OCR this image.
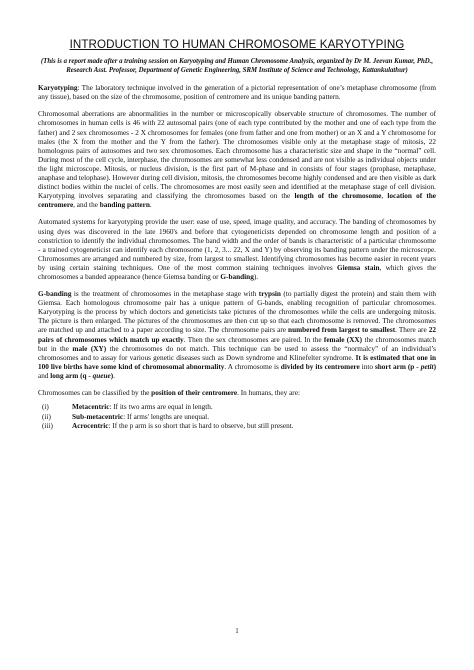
INTRODUCTION TO HUMAN CHROMOSOME KARYOTYPING
(This is a report made after a training session on Karyotyping and Human Chromosome Analysis, organized by Dr M. Jeevan Kumar, PhD., Research Asst. Professor, Department of Genetic Engineering, SRM Institute of Science and Technology, Kattankulathur)

Karyotyping: The laboratory technique involved in the generation of a pictorial representation of one’s metaphase chromosome (from any tissue), based on the size of the chromosome, position of centromere and its unique banding pattern.

Chromosomal aberrations are abnormalities in the number or microscopically observable structure of chromosomes. The number of chromosomes in human cells is 46 with 22 autosomal pairs (one of each type contributed by the mother and one of each type from the father) and 2 sex chromosomes - 2 X chromosomes for females (one from father and one from mother) or an X and a Y chromosome for males (the X from the mother and the Y from the father). The chromosomes visible only at the metaphase stage of mitosis, 22 homologous pairs of autosomes and two sex chromosomes. Each chromosome has a characteristic size and shape in the “normal” cell. During most of the cell cycle, interphase, the chromosomes are somewhat less condensed and are not visible as individual objects under the light microscope. Mitosis, or nucleus division, is the first part of M-phase and in consists of four stages (prophase, metaphase, anaphase and telophase). However during cell division, mitosis, the chromosomes become highly condensed and are then visible as dark distinct bodies within the nuclei of cells. The chromosomes are most easily seen and identified at the metaphase stage of cell division. Karyotyping involves separating and classifying the chromosomes based on the length of the chromosome, location of the centromere, and the banding pattern.

Automated systems for karyotyping provide the user: ease of use, speed, image quality, and accuracy. The banding of chromosomes by using dyes was discovered in the late 1960's and before that cytogeneticists depended on chromosome length and position of a constriction to identify the individual chromosomes. The band width and the order of bands is characteristic of a particular chromosome - a trained cytogeneticist can identify each chromosome (1, 2, 3... 22, X and Y) by observing its banding pattern under the microscope. Chromosomes are arranged and numbered by size, from largest to smallest. Identifying chromosomes has become easier in recent years by using certain staining techniques. One of the most common staining techniques involves Giemsa stain, which gives the chromosomes a banded appearance (hence Giemsa banding or G-banding).

G-banding is the treatment of chromosomes in the metaphase stage with trypsin (to partially digest the protein) and stain them with Giemsa. Each homologous chromosome pair has a unique pattern of G-bands, enabling recognition of particular chromosomes. Karyotyping is the process by which doctors and geneticists take pictures of the chromosomes while the cells are undergoing mitosis. The picture is then enlarged. The pictures of the chromosomes are then cut up so that each chromosome is removed. The chromosomes are matched up and attached to a paper according to size. The chromosome pairs are numbered from largest to smallest. There are 22 pairs of chromosomes which match up exactly. Then the sex chromosomes are paired. In the female (XX) the chromosomes match but in the male (XY) the chromosomes do not match. This technique can be used to assess the “normalcy” of an individual’s chromosomes and to assay for various genetic diseases such as Down syndrome and Klinefelter syndrome. It is estimated that one in 100 live births have some kind of chromosomal abnormality. A chromosome is divided by its centromere into short arm (p - petit) and long arm (q - queue).

Chromosomes can be classified by the position of their centromere. In humans, they are:

(i)	Metacentric: If its two arms are equal in length.
(ii)	Sub-metacentric: If arms' lengths are unequal.
(iii)	Acrocentric: If the p arm is so short that is hard to observe, but still present.
1
